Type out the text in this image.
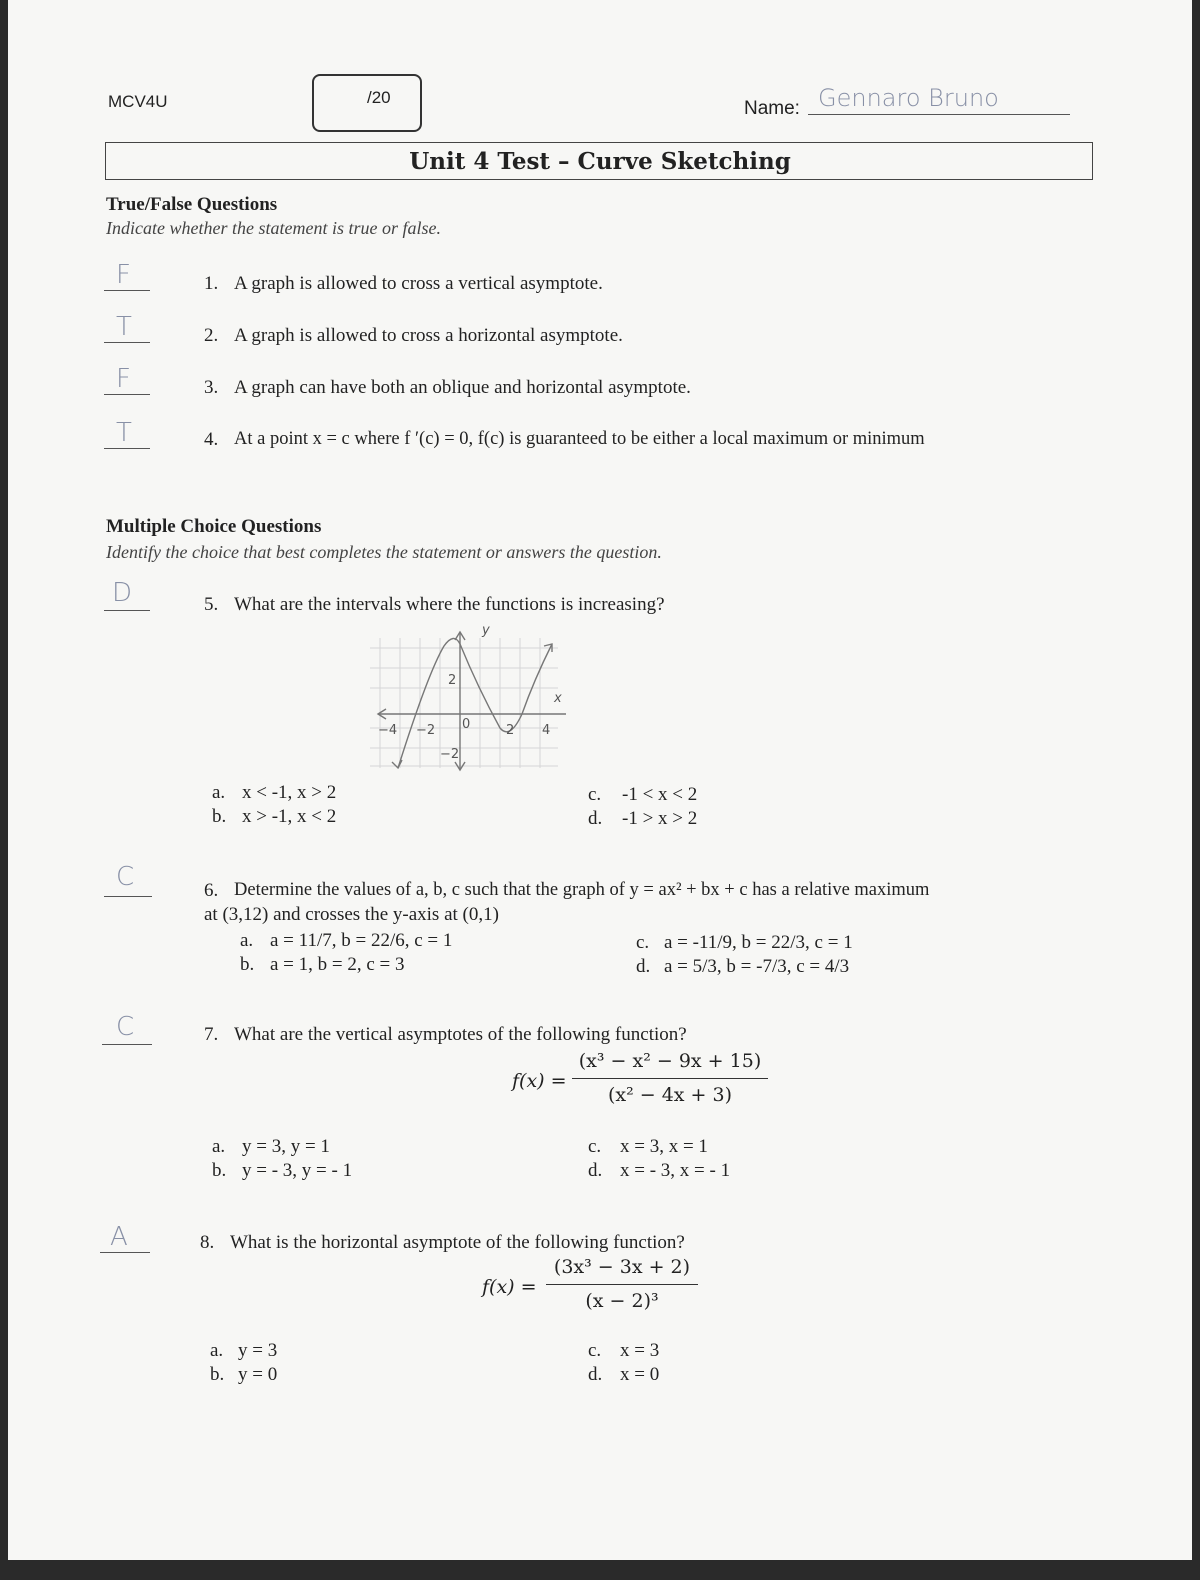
MCV4U	/20
Name: Gennaro Bruno
Unit 4 Test – Curve Sketching
True/False Questions
Indicate whether the statement is true or false.
F	1. A graph is allowed to cross a vertical asymptote.
T	2. A graph is allowed to cross a horizontal asymptote.
F	3. A graph can have both an oblique and horizontal asymptote.
T	4. At a point x = c where f ′(c) = 0, f(c) is guaranteed to be either a local maximum or minimum
Multiple Choice Questions
Identify the choice that best completes the statement or answers the question.
D	5. What are the intervals where the functions is increasing?
y
x
2
−2
0
−4 −2	2 4
a. x < -1, x > 2
b. x > -1, x < 2
c. -1 < x < 2
d. -1 > x > 2
C	6. Determine the values of a, b, c such that the graph of y = ax² + bx + c has a relative maximum
at (3,12) and crosses the y-axis at (0,1)
a. a = 11/7, b = 22/6, c = 1
b. a = 1, b = 2, c = 3
c. a = -11/9, b = 22/3, c = 1
d. a = 5/3, b = -7/3, c = 4/3
C	7. What are the vertical asymptotes of the following function?
f(x) =
(x³ − x² − 9x + 15)
(x² − 4x + 3)
a. y = 3, y = 1
b. y = - 3, y = - 1
c. x = 3, x = 1
d. x = - 3, x = - 1
A	8. What is the horizontal asymptote of the following function?
f(x) =
(3x³ − 3x + 2)
(x − 2)³
a. y = 3
b. y = 0
c. x = 3
d. x = 0
